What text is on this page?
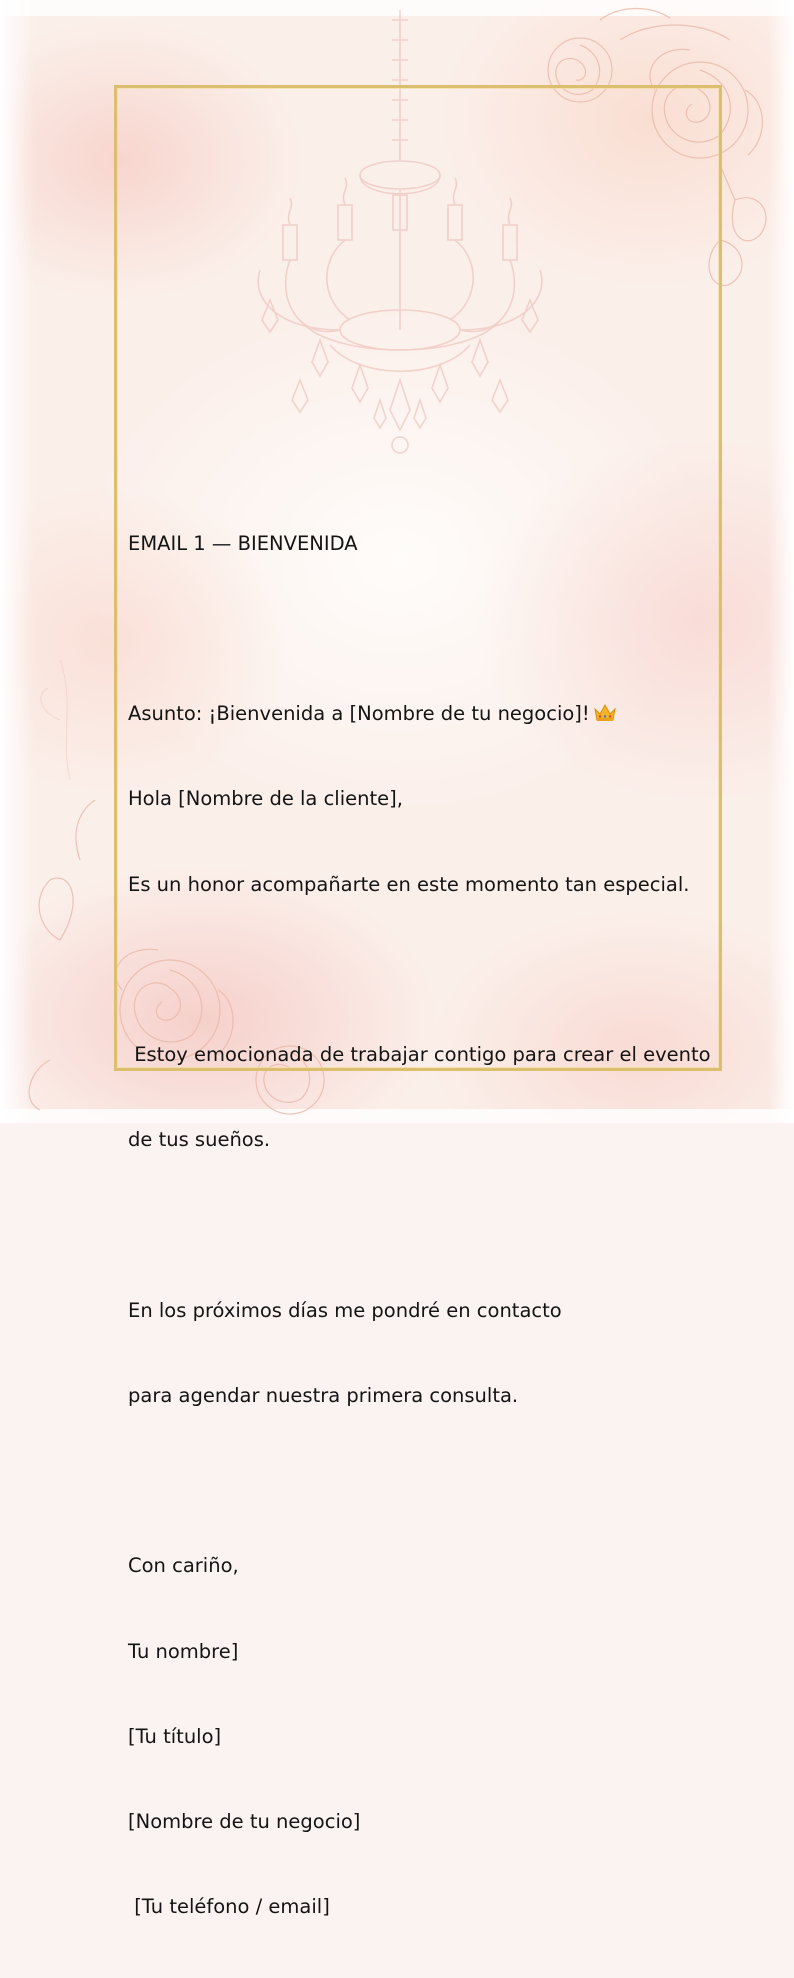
EMAIL 1 — BIENVENIDA

Asunto: ¡Bienvenida a [Nombre de tu negocio]!

Hola [Nombre de la cliente],

Es un honor acompañarte en este momento tan especial.

Estoy emocionada de trabajar contigo para crear el evento

de tus sueños.

En los próximos días me pondré en contacto

para agendar nuestra primera consulta.

Con cariño,

Tu nombre]

[Tu título]

[Nombre de tu negocio]

[Tu teléfono / email]
